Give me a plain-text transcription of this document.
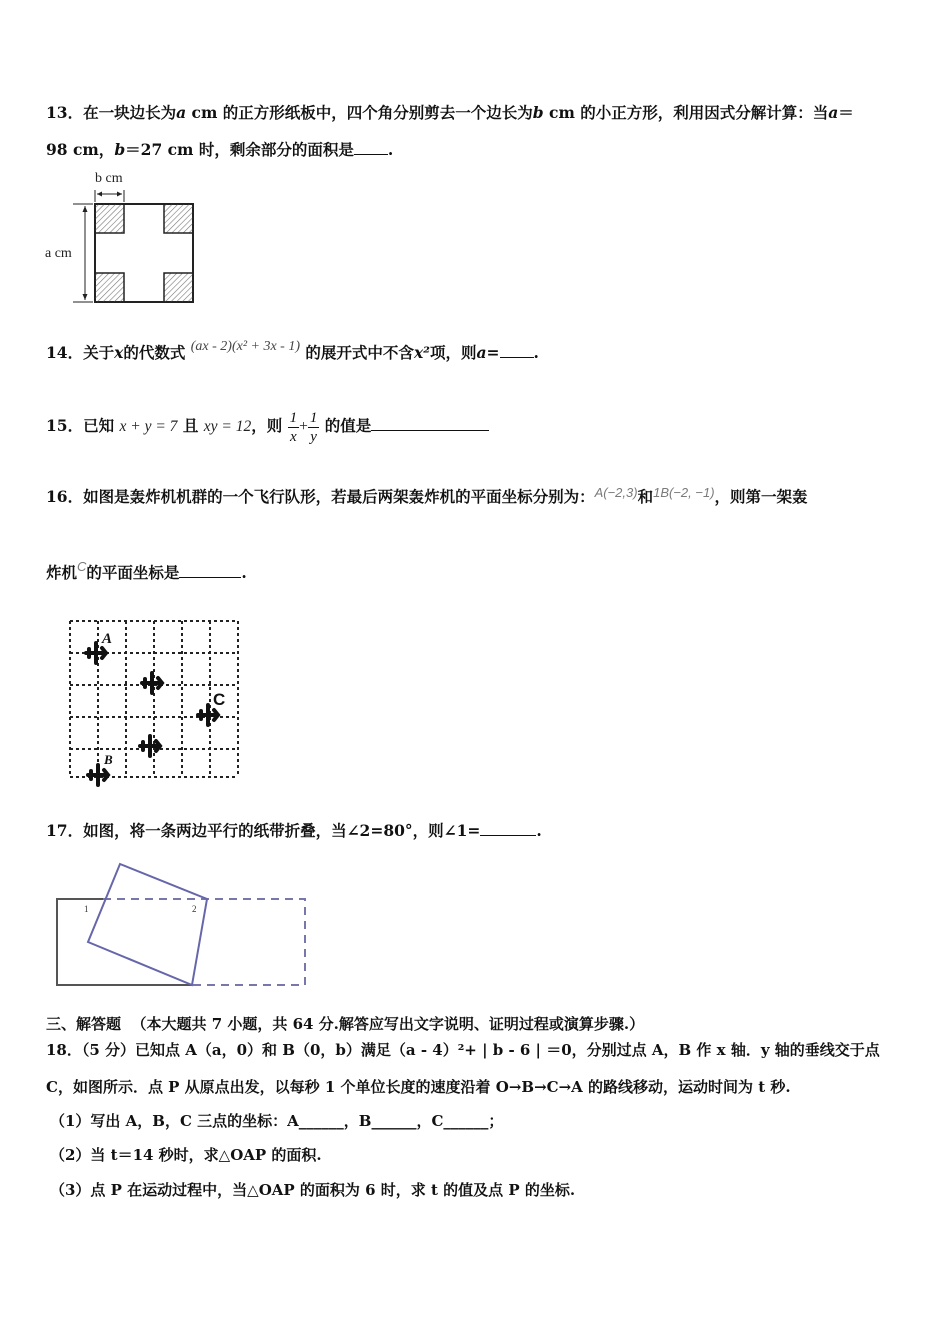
13．在一块边长为a cm 的正方形纸板中，四个角分别剪去一个边长为b cm 的小正方形，利用因式分解计算：当a＝
98 cm，b＝27 cm 时，剩余部分的面积是 .
b cm
a cm
14．关于x的代数式 (ax - 2)(x² + 3x - 1) 的展开式中不含x²项，则a= .
15．已知 x + y = 7 且 xy = 12，则 $\frac{1}{x} + \frac{1}{y}$ 的值是
16．如图是轰炸机机群的一个飞行队形，若最后两架轰炸机的平面坐标分别为：$^{A(-2,3)}$和$^{1B(-2, -1)}$，则第一架轰
炸机$^C$的平面坐标是	.
A
C
B
17．如图，将一条两边平行的纸带折叠，当∠2=80°，则∠1=	.
1	2
三、解答题 （本大题共 7 小题，共 64 分.解答应写出文字说明、证明过程或演算步骤.）
18．（5 分）已知点 A（a，0）和 B（0，b）满足（a - 4）²+ | b - 6 | ＝0，分别过点 A，B 作 x 轴．y 轴的垂线交于点
C，如图所示．点 P 从原点出发，以每秒 1 个单位长度的速度沿着 O→B→C→A 的路线移动，运动时间为 t 秒.
（1）写出 A，B，C 三点的坐标：A______，B______，C______；
（2）当 t＝14 秒时，求△OAP 的面积.
（3）点 P 在运动过程中，当△OAP 的面积为 6 时，求 t 的值及点 P 的坐标.
